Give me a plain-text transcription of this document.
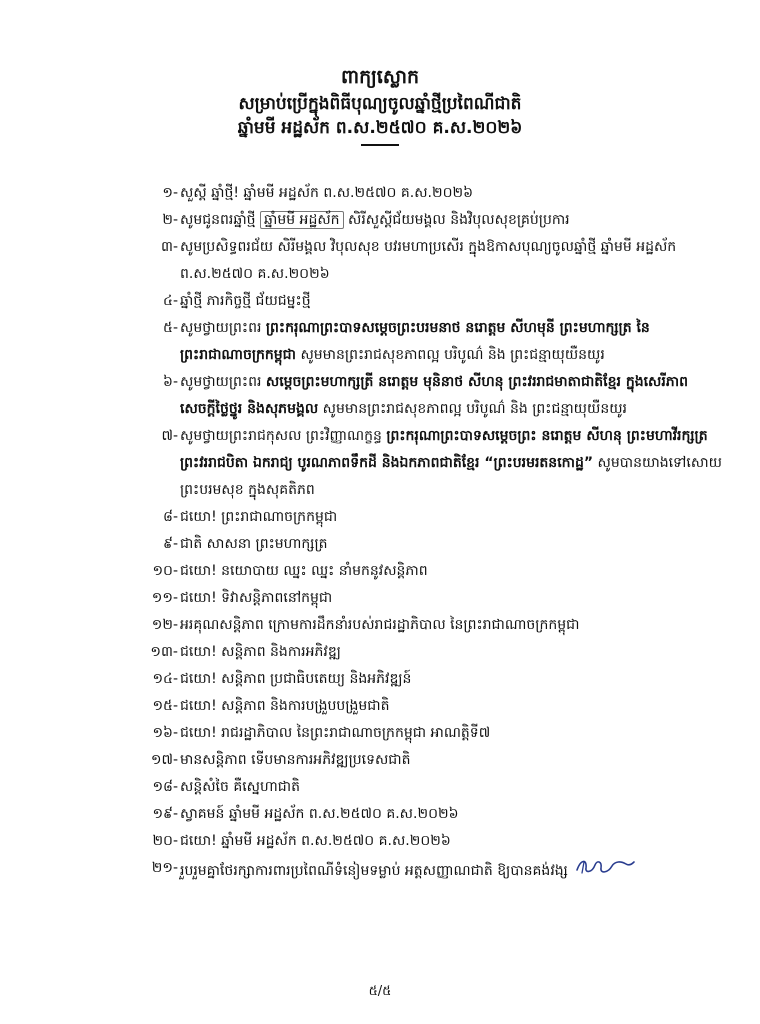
ពាក្យស្លោក
សម្រាប់ប្រើក្នុងពិធីបុណ្យចូលឆ្នាំថ្មីប្រពៃណីជាតិ
ឆ្នាំមមី អដ្ឋស័ក ព.ស.២៥៧០ គ.ស.២០២៦
១- សួស្តី ឆ្នាំថ្មី! ឆ្នាំមមី អដ្ឋស័ក ព.ស.២៥៧០ គ.ស.២០២៦
២- សូមជូនពរឆ្នាំថ្មី ឆ្នាំមមី អដ្ឋស័ក សិរីសួស្តីជ័យមង្គល និងវិបុលសុខគ្រប់ប្រការ
៣- សូមប្រសិទ្ធពរជ័យ សិរីមង្គល វិបុលសុខ បវរមហាប្រសើរ ក្នុងឱកាសបុណ្យចូលឆ្នាំថ្មី ឆ្នាំមមី អដ្ឋស័ក ព.ស.២៥៧០ គ.ស.២០២៦
៤- ឆ្នាំថ្មី ភារកិច្ចថ្មី ជ័យជម្នះថ្មី
៥- សូមថ្វាយព្រះពរ ព្រះករុណាព្រះបាទសម្តេចព្រះបរមនាថ នរោត្តម សីហមុនី ព្រះមហាក្សត្រ នៃព្រះរាជាណាចក្រកម្ពុជា សូមមានព្រះរាជសុខភាពល្អ បរិបូណ៌ និង ព្រះជន្មាយុយឺនយូរ
៦- សូមថ្វាយព្រះពរ សម្តេចព្រះមហាក្សត្រី នរោត្តម មុនិនាថ សីហនុ ព្រះវររាជមាតាជាតិខ្មែរ ក្នុងសេរីភាព សេចក្តីថ្លៃថ្នូរ និងសុភមង្គល សូមមានព្រះរាជសុខភាពល្អ បរិបូណ៌ និង ព្រះជន្មាយុយឺនយូរ
៧- សូមថ្វាយព្រះរាជកុសល ព្រះវិញ្ញាណក្ខន្ធ ព្រះករុណាព្រះបាទសម្តេចព្រះ នរោត្តម សីហនុ ព្រះមហាវីរក្សត្រ ព្រះវររាជបិតា ឯករាជ្យ បូរណភាពទឹកដី និងឯកភាពជាតិខ្មែរ “ព្រះបរមរតនកោដ្ឋ” សូមបានយាងទៅសោយព្រះបរមសុខ ក្នុងសុគតិភព
៨- ជយោ! ព្រះរាជាណាចក្រកម្ពុជា
៩- ជាតិ សាសនា ព្រះមហាក្សត្រ
១០- ជយោ! នយោបាយ ឈ្នះ ឈ្នះ នាំមកនូវសន្តិភាព
១១- ជយោ! ទិវាសន្តិភាពនៅកម្ពុជា
១២- អរគុណសន្តិភាព ក្រោមការដឹកនាំរបស់រាជរដ្ឋាភិបាល នៃព្រះរាជាណាចក្រកម្ពុជា
១៣- ជយោ! សន្តិភាព និងការអភិវឌ្ឍ
១៤- ជយោ! សន្តិភាព ប្រជាធិបតេយ្យ និងអភិវឌ្ឍន៍
១៥- ជយោ! សន្តិភាព និងការបង្រួបបង្រួមជាតិ
១៦- ជយោ! រាជរដ្ឋាភិបាល នៃព្រះរាជាណាចក្រកម្ពុជា អាណត្តិទី៧
១៧- មានសន្តិភាព ទើបមានការអភិវឌ្ឍប្រទេសជាតិ
១៨- សន្តិសំចៃ គឺស្នេហាជាតិ
១៩- ស្វាគមន៍ ឆ្នាំមមី អដ្ឋស័ក ព.ស.២៥៧០ គ.ស.២០២៦
២០- ជយោ! ឆ្នាំមមី អដ្ឋស័ក ព.ស.២៥៧០ គ.ស.២០២៦
២១- រួបរួមគ្នាថែរក្សាការពារប្រពៃណីទំនៀមទម្លាប់ អត្តសញ្ញាណជាតិ ឱ្យបានគង់វង្ស
៥/៥
